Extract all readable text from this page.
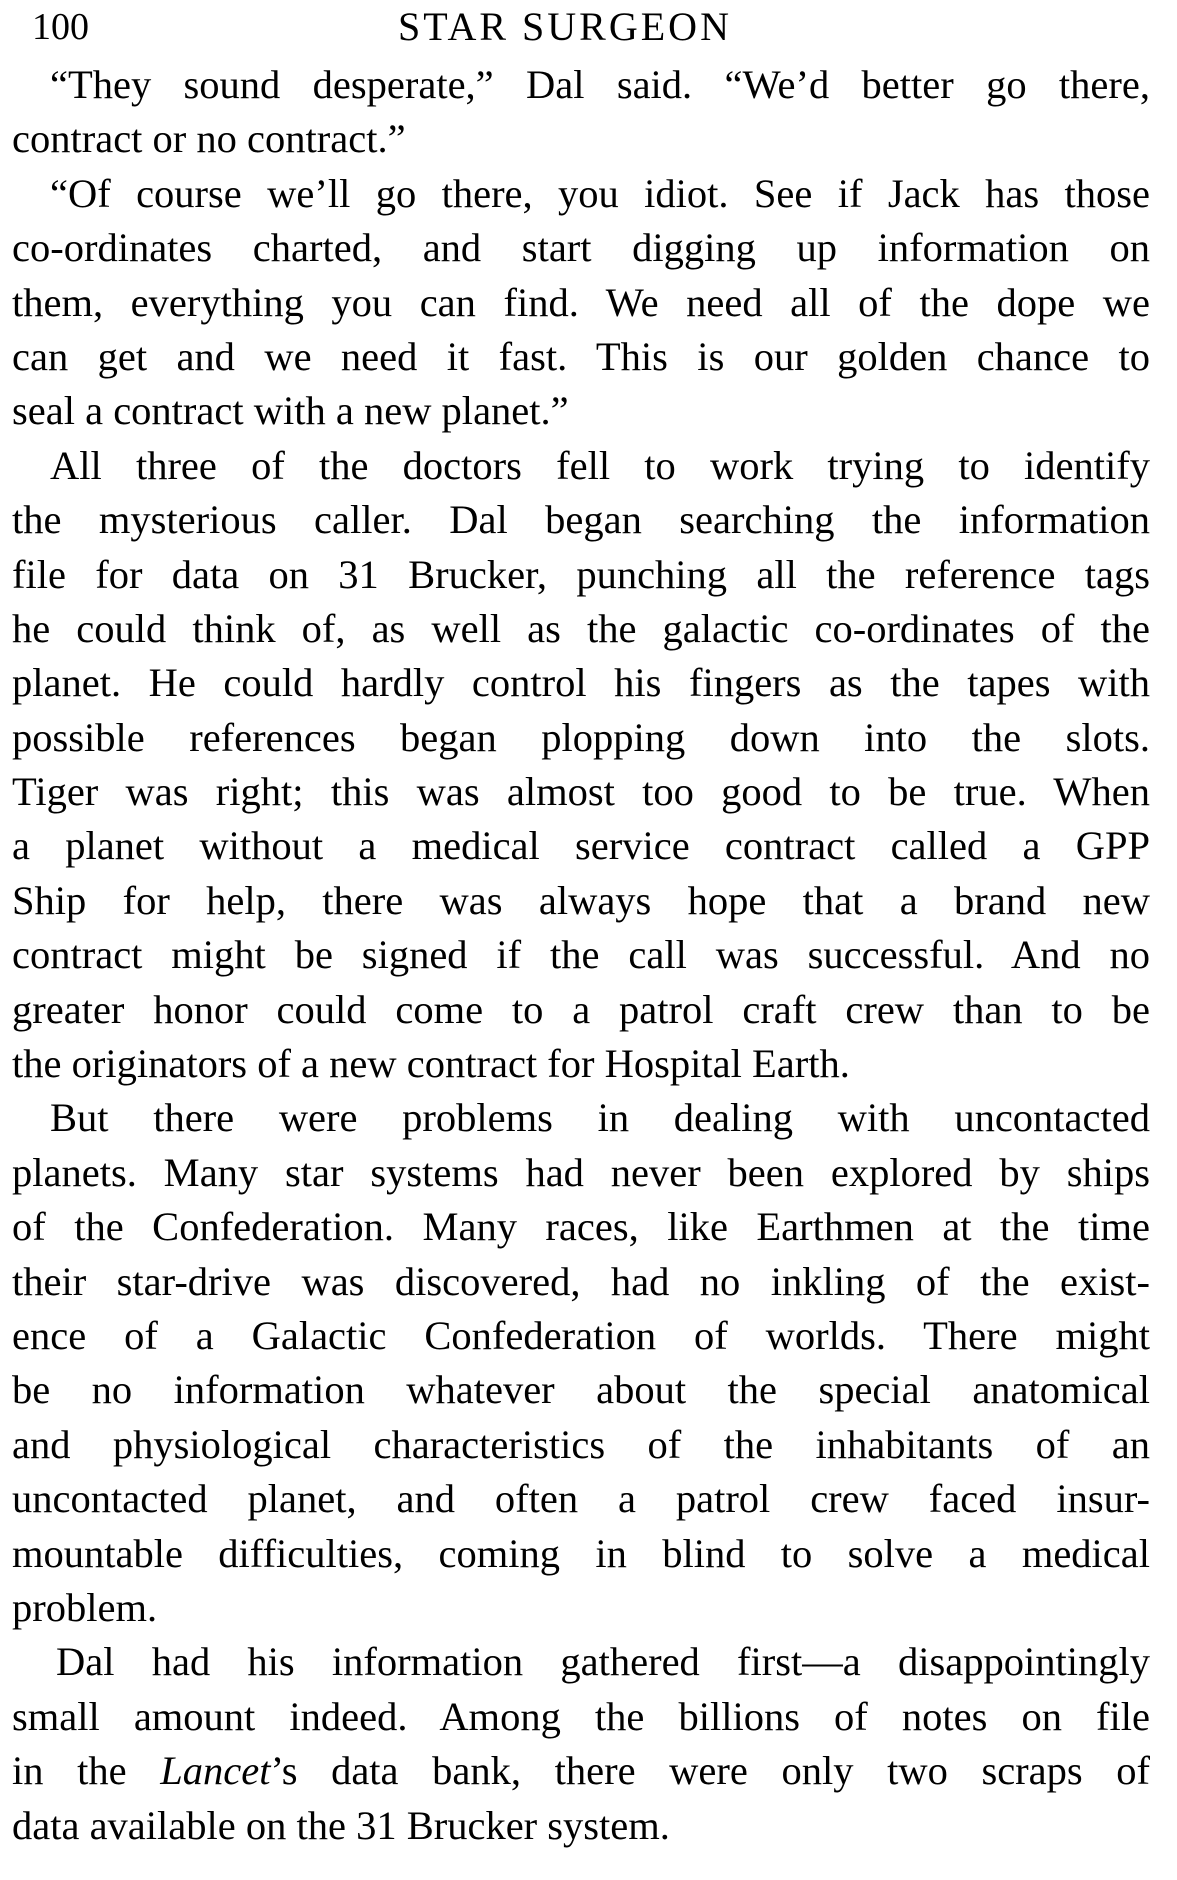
100	STAR SURGEON
“They sound desperate,” Dal said. “We’d better go there,
contract or no contract.”
“Of course we’ll go there, you idiot. See if Jack has those
co-ordinates charted, and start digging up information on
them, everything you can find. We need all of the dope we
can get and we need it fast. This is our golden chance to
seal a contract with a new planet.”
All three of the doctors fell to work trying to identify
the mysterious caller. Dal began searching the information
file for data on 31 Brucker, punching all the reference tags
he could think of, as well as the galactic co-ordinates of the
planet. He could hardly control his fingers as the tapes with
possible references began plopping down into the slots.
Tiger was right; this was almost too good to be true. When
a planet without a medical service contract called a GPP
Ship for help, there was always hope that a brand new
contract might be signed if the call was successful. And no
greater honor could come to a patrol craft crew than to be
the originators of a new contract for Hospital Earth.
But there were problems in dealing with uncontacted
planets. Many star systems had never been explored by ships
of the Confederation. Many races, like Earthmen at the time
their star-drive was discovered, had no inkling of the exist-
ence of a Galactic Confederation of worlds. There might
be no information whatever about the special anatomical
and physiological characteristics of the inhabitants of an
uncontacted planet, and often a patrol crew faced insur-
mountable difficulties, coming in blind to solve a medical
problem.
Dal had his information gathered first—a disappointingly
small amount indeed. Among the billions of notes on file
in the Lancet’s data bank, there were only two scraps of
data available on the 31 Brucker system.
